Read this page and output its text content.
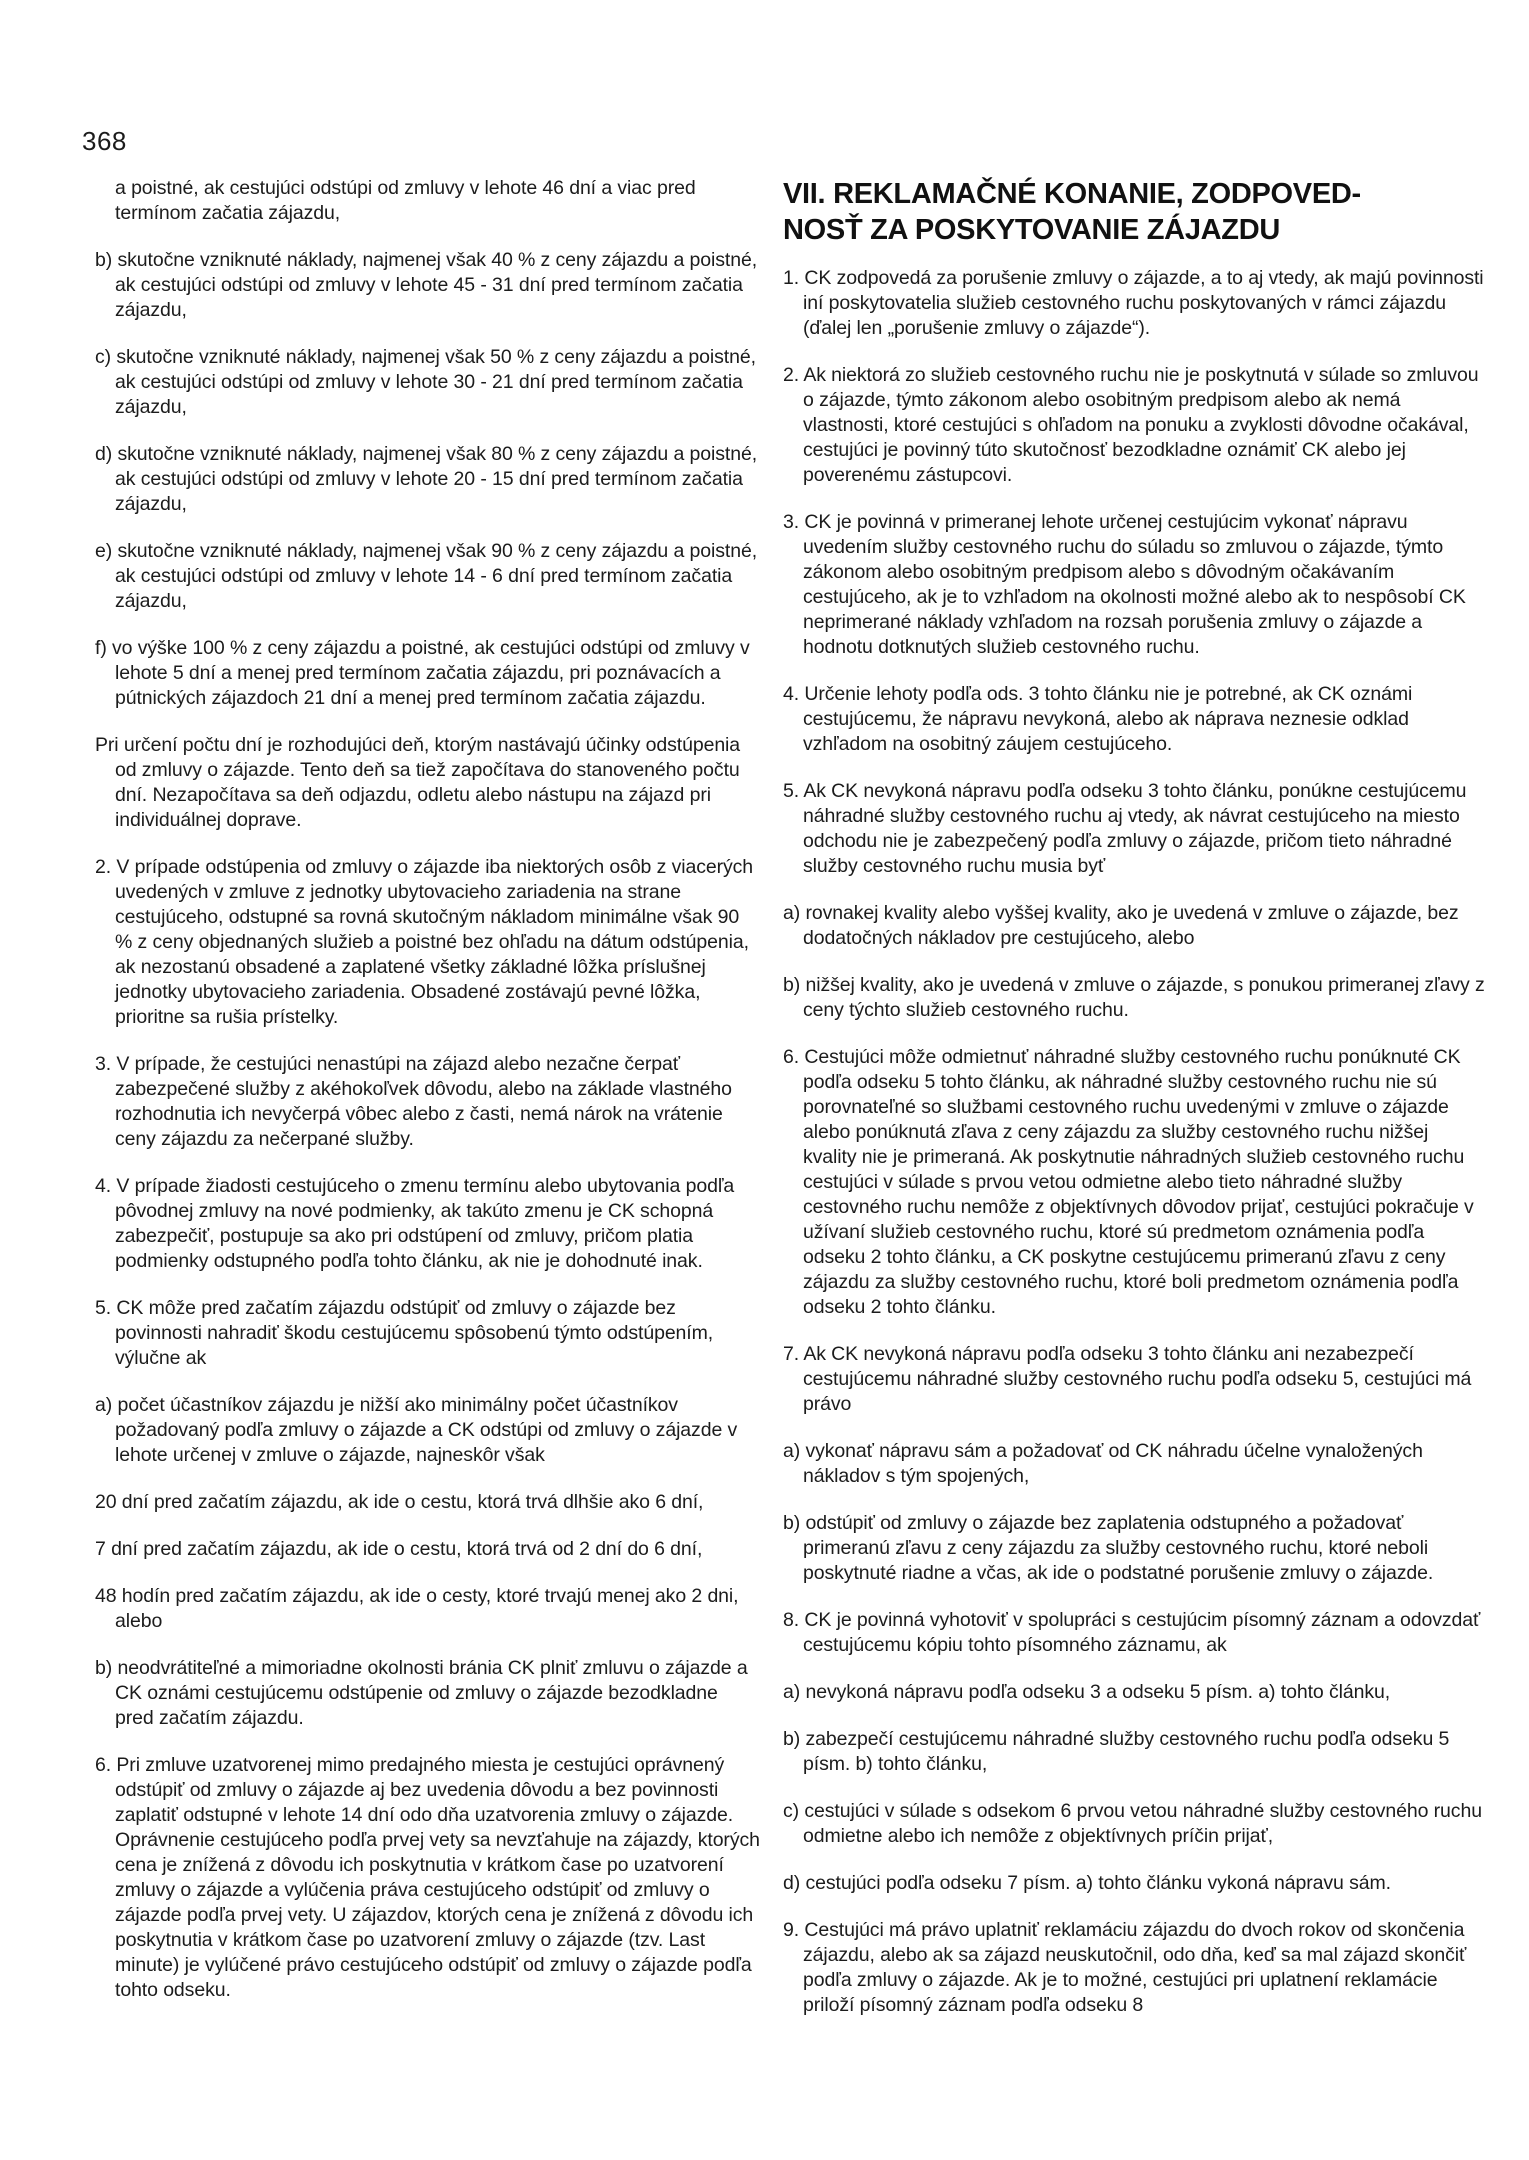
368
a poistné, ak cestujúci odstúpi od zmluvy v lehote 46 dní a viac pred termínom začatia zájazdu,
b) skutočne vzniknuté náklady, najmenej však 40 % z ceny zájazdu a poistné, ak cestujúci odstúpi od zmluvy v lehote 45 - 31 dní pred termínom začatia zájazdu,
c) skutočne vzniknuté náklady, najmenej však 50 % z ceny zájazdu a poistné, ak cestujúci odstúpi od zmluvy v lehote 30 - 21 dní pred termínom začatia zájazdu,
d) skutočne vzniknuté náklady, najmenej však 80 % z ceny zájazdu a poistné, ak cestujúci odstúpi od zmluvy v lehote 20 - 15 dní pred termínom začatia zájazdu,
e) skutočne vzniknuté náklady, najmenej však 90 % z ceny zájazdu a poistné, ak cestujúci odstúpi od zmluvy v lehote 14 - 6 dní pred termínom začatia zájazdu,
f) vo výške 100 % z ceny zájazdu a poistné, ak cestujúci odstúpi od zmluvy v lehote 5 dní a menej pred termínom začatia zájazdu, pri poznávacích a pútnických zájazdoch 21 dní a menej pred termínom začatia zájazdu.
Pri určení počtu dní je rozhodujúci deň, ktorým nastávajú účinky odstúpenia od zmluvy o zájazde. Tento deň sa tiež započítava do stanoveného počtu dní. Nezapočítava sa deň odjazdu, odletu alebo nástupu na zájazd pri individuálnej doprave.
2. V prípade odstúpenia od zmluvy o zájazde iba niektorých osôb z viacerých uvedených v zmluve z jednotky ubytovacieho zariadenia na strane cestujúceho, odstupné sa rovná skutočným nákladom minimálne však 90 % z ceny objednaných služieb a poistné bez ohľadu na dátum odstúpenia, ak nezostanú obsadené a zaplatené všetky základné lôžka príslušnej jednotky ubytovacieho zariadenia. Obsadené zostávajú pevné lôžka, prioritne sa rušia prístelky.
3. V prípade, že cestujúci nenastúpi na zájazd alebo nezačne čerpať zabezpečené služby z akéhokoľvek dôvodu, alebo na základe vlastného rozhodnutia ich nevyčerpá vôbec alebo z časti, nemá nárok na vrátenie ceny zájazdu za nečerpané služby.
4. V prípade žiadosti cestujúceho o zmenu termínu alebo ubytovania podľa pôvodnej zmluvy na nové podmienky, ak takúto zmenu je CK schopná zabezpečiť, postupuje sa ako pri odstúpení od zmluvy, pričom platia podmienky odstupného podľa tohto článku, ak nie je dohodnuté inak.
5. CK môže pred začatím zájazdu odstúpiť od zmluvy o zájazde bez povinnosti nahradiť škodu cestujúcemu spôsobenú týmto odstúpením, výlučne ak
a) počet účastníkov zájazdu je nižší ako minimálny počet účastníkov požadovaný podľa zmluvy o zájazde a CK odstúpi od zmluvy o zájazde v lehote určenej v zmluve o zájazde, najneskôr však
20 dní pred začatím zájazdu, ak ide o cestu, ktorá trvá dlhšie ako 6 dní,
7 dní pred začatím zájazdu, ak ide o cestu, ktorá trvá od 2 dní do 6 dní,
48 hodín pred začatím zájazdu, ak ide o cesty, ktoré trvajú menej ako 2 dni, alebo
b) neodvrátiteľné a mimoriadne okolnosti bránia CK plniť zmluvu o zájazde a CK oznámi cestujúcemu odstúpenie od zmluvy o zájazde bezodkladne pred začatím zájazdu.
6. Pri zmluve uzatvorenej mimo predajného miesta je cestujúci oprávnený odstúpiť od zmluvy o zájazde aj bez uvedenia dôvodu a bez povinnosti zaplatiť odstupné v lehote 14 dní odo dňa uzatvorenia zmluvy o zájazde. Oprávnenie cestujúceho podľa prvej vety sa nevzťahuje na zájazdy, ktorých cena je znížená z dôvodu ich poskytnutia v krátkom čase po uzatvorení zmluvy o zájazde a vylúčenia práva cestujúceho odstúpiť od zmluvy o zájazde podľa prvej vety. U zájazdov, ktorých cena je znížená z dôvodu ich poskytnutia v krátkom čase po uzatvorení zmluvy o zájazde (tzv. Last minute) je vylúčené právo cestujúceho odstúpiť od zmluvy o zájazde podľa tohto odseku.
VII. REKLAMAČNÉ KONANIE, ZODPOVED-
NOSŤ ZA POSKYTOVANIE ZÁJAZDU
1. CK zodpovedá za porušenie zmluvy o zájazde, a to aj vtedy, ak majú povinnosti iní poskytovatelia služieb cestovného ruchu poskytovaných v rámci zájazdu (ďalej len „porušenie zmluvy o zájazde“).
2. Ak niektorá zo služieb cestovného ruchu nie je poskytnutá v súlade so zmluvou o zájazde, týmto zákonom alebo osobitným predpisom alebo ak nemá vlastnosti, ktoré cestujúci s ohľadom na ponuku a zvyklosti dôvodne očakával, cestujúci je povinný túto skutočnosť bezodkladne oznámiť CK alebo jej poverenému zástupcovi.
3. CK je povinná v primeranej lehote určenej cestujúcim vykonať nápravu uvedením služby cestovného ruchu do súladu so zmluvou o zájazde, týmto zákonom alebo osobitným predpisom alebo s dôvodným očakávaním cestujúceho, ak je to vzhľadom na okolnosti možné alebo ak to nespôsobí CK neprimerané náklady vzhľadom na rozsah porušenia zmluvy o zájazde a hodnotu dotknutých služieb cestovného ruchu.
4. Určenie lehoty podľa ods. 3 tohto článku nie je potrebné, ak CK oznámi cestujúcemu, že nápravu nevykoná, alebo ak náprava neznesie odklad vzhľadom na osobitný záujem cestujúceho.
5. Ak CK nevykoná nápravu podľa odseku 3 tohto článku, ponúkne cestujúcemu náhradné služby cestovného ruchu aj vtedy, ak návrat cestujúceho na miesto odchodu nie je zabezpečený podľa zmluvy o zájazde, pričom tieto náhradné služby cestovného ruchu musia byť
a) rovnakej kvality alebo vyššej kvality, ako je uvedená v zmluve o zájazde, bez dodatočných nákladov pre cestujúceho, alebo
b) nižšej kvality, ako je uvedená v zmluve o zájazde, s ponukou primeranej zľavy z ceny týchto služieb cestovného ruchu.
6. Cestujúci môže odmietnuť náhradné služby cestovného ruchu ponúknuté CK podľa odseku 5 tohto článku, ak náhradné služby cestovného ruchu nie sú porovnateľné so službami cestovného ruchu uvedenými v zmluve o zájazde alebo ponúknutá zľava z ceny zájazdu za služby cestovného ruchu nižšej kvality nie je primeraná. Ak poskytnutie náhradných služieb cestovného ruchu cestujúci v súlade s prvou vetou odmietne alebo tieto náhradné služby cestovného ruchu nemôže z objektívnych dôvodov prijať, cestujúci pokračuje v užívaní služieb cestovného ruchu, ktoré sú predmetom oznámenia podľa odseku 2 tohto článku, a CK poskytne cestujúcemu primeranú zľavu z ceny zájazdu za služby cestovného ruchu, ktoré boli predmetom oznámenia podľa odseku 2 tohto článku.
7. Ak CK nevykoná nápravu podľa odseku 3 tohto článku ani nezabezpečí cestujúcemu náhradné služby cestovného ruchu podľa odseku 5, cestujúci má právo
a) vykonať nápravu sám a požadovať od CK náhradu účelne vynaložených nákladov s tým spojených,
b) odstúpiť od zmluvy o zájazde bez zaplatenia odstupného a požadovať primeranú zľavu z ceny zájazdu za služby cestovného ruchu, ktoré neboli poskytnuté riadne a včas, ak ide o podstatné porušenie zmluvy o zájazde.
8. CK je povinná vyhotoviť v spolupráci s cestujúcim písomný záznam a odovzdať cestujúcemu kópiu tohto písomného záznamu, ak
a) nevykoná nápravu podľa odseku 3 a odseku 5 písm. a) tohto článku,
b) zabezpečí cestujúcemu náhradné služby cestovného ruchu podľa odseku 5 písm. b) tohto článku,
c) cestujúci v súlade s odsekom 6 prvou vetou náhradné služby cestovného ruchu odmietne alebo ich nemôže z objektívnych príčin prijať,
d) cestujúci podľa odseku 7 písm. a) tohto článku vykoná nápravu sám.
9. Cestujúci má právo uplatniť reklamáciu zájazdu do dvoch rokov od skončenia zájazdu, alebo ak sa zájazd neuskutočnil, odo dňa, keď sa mal zájazd skončiť podľa zmluvy o zájazde. Ak je to možné, cestujúci pri uplatnení reklamácie priloží písomný záznam podľa odseku 8
